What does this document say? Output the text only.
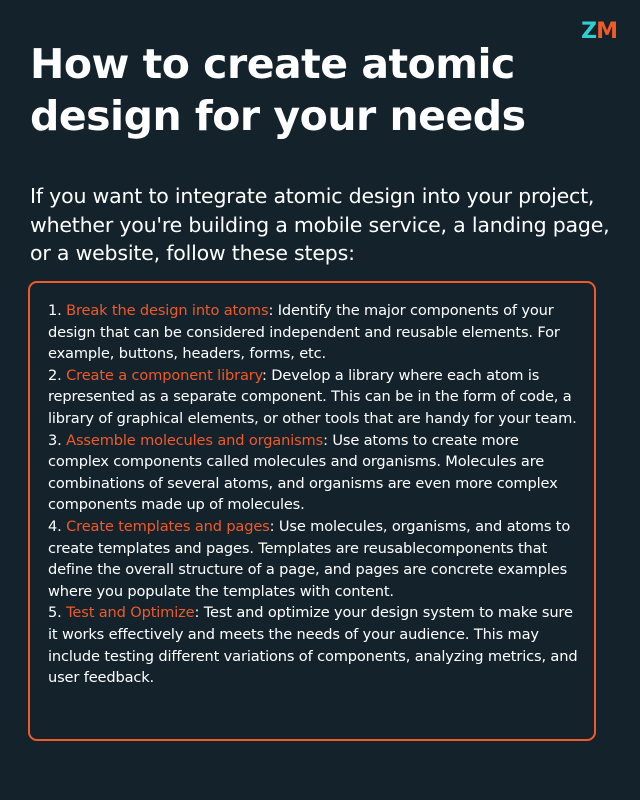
ZM
How to create atomic design for your needs

If you want to integrate atomic design into your project, whether you're building a mobile service, a landing page, or a website, follow these steps:

1. Break the design into atoms: Identify the major components of your design that can be considered independent and reusable elements. For example, buttons, headers, forms, etc.

2. Create a component library: Develop a library where each atom is represented as a separate component. This can be in the form of code, a library of graphical elements, or other tools that are handy for your team.

3. Assemble molecules and organisms: Use atoms to create more complex components called molecules and organisms. Molecules are combinations of several atoms, and organisms are even more complex components made up of molecules.

4. Create templates and pages: Use molecules, organisms, and atoms to create templates and pages. Templates are reusablecomponents that define the overall structure of a page, and pages are concrete examples where you populate the templates with content.

5. Test and Optimize: Test and optimize your design system to make sure it works effectively and meets the needs of your audience. This may include testing different variations of components, analyzing metrics, and user feedback.
